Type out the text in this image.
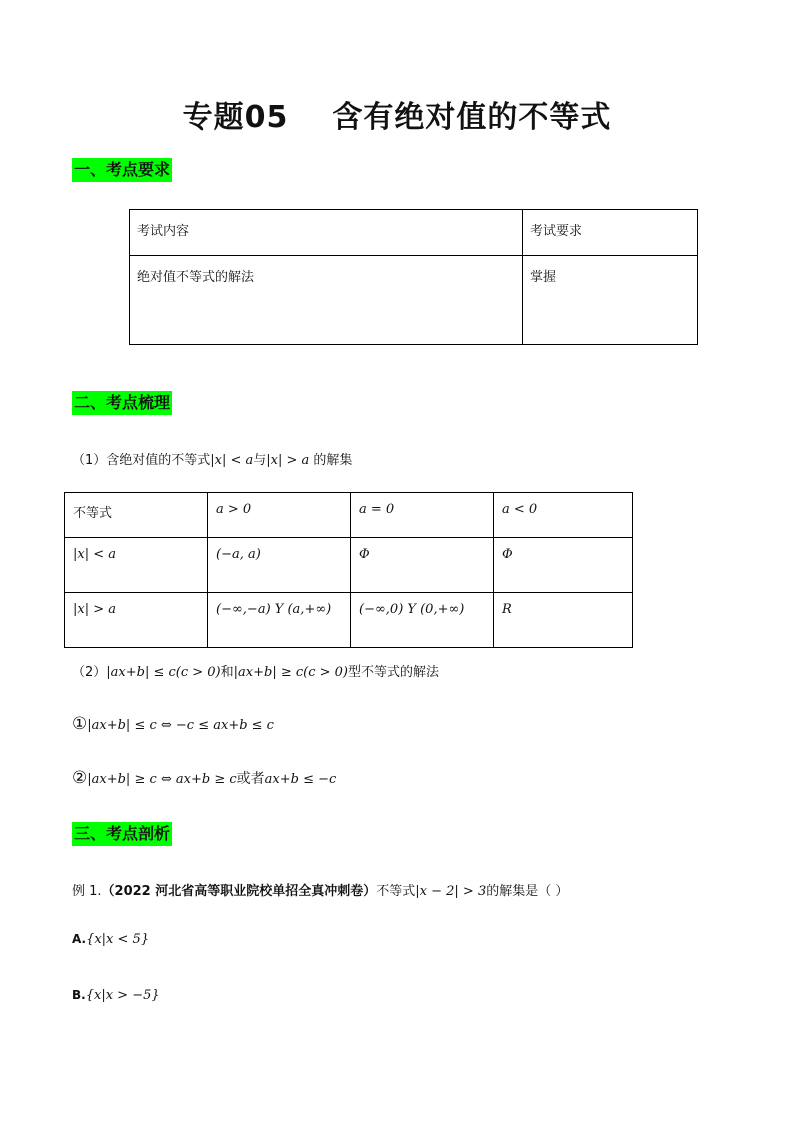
专题05 含有绝对值的不等式
一、考点要求
考试内容	考试要求
绝对值不等式的解法	掌握
二、考点梳理
（1）含绝对值的不等式|x| < a与|x| > a 的解集
不等式	a > 0	a = 0	a < 0
|x| < a	(−a, a)	Φ	Φ
|x| > a	(−∞,−a) Y (a,+∞)	(−∞,0) Y (0,+∞)	R
（2）|ax+b| ≤ c(c > 0)和|ax+b| ≥ c(c > 0)型不等式的解法
①|ax+b| ≤ c ⇔ −c ≤ ax+b ≤ c
②|ax+b| ≥ c ⇔ ax+b ≥ c或者ax+b ≤ −c
三、考点剖析
例 1.（2022 河北省高等职业院校单招全真冲刺卷）不等式|x − 2| > 3的解集是（ ）
A.{x|x < 5}
B.{x|x > −5}
